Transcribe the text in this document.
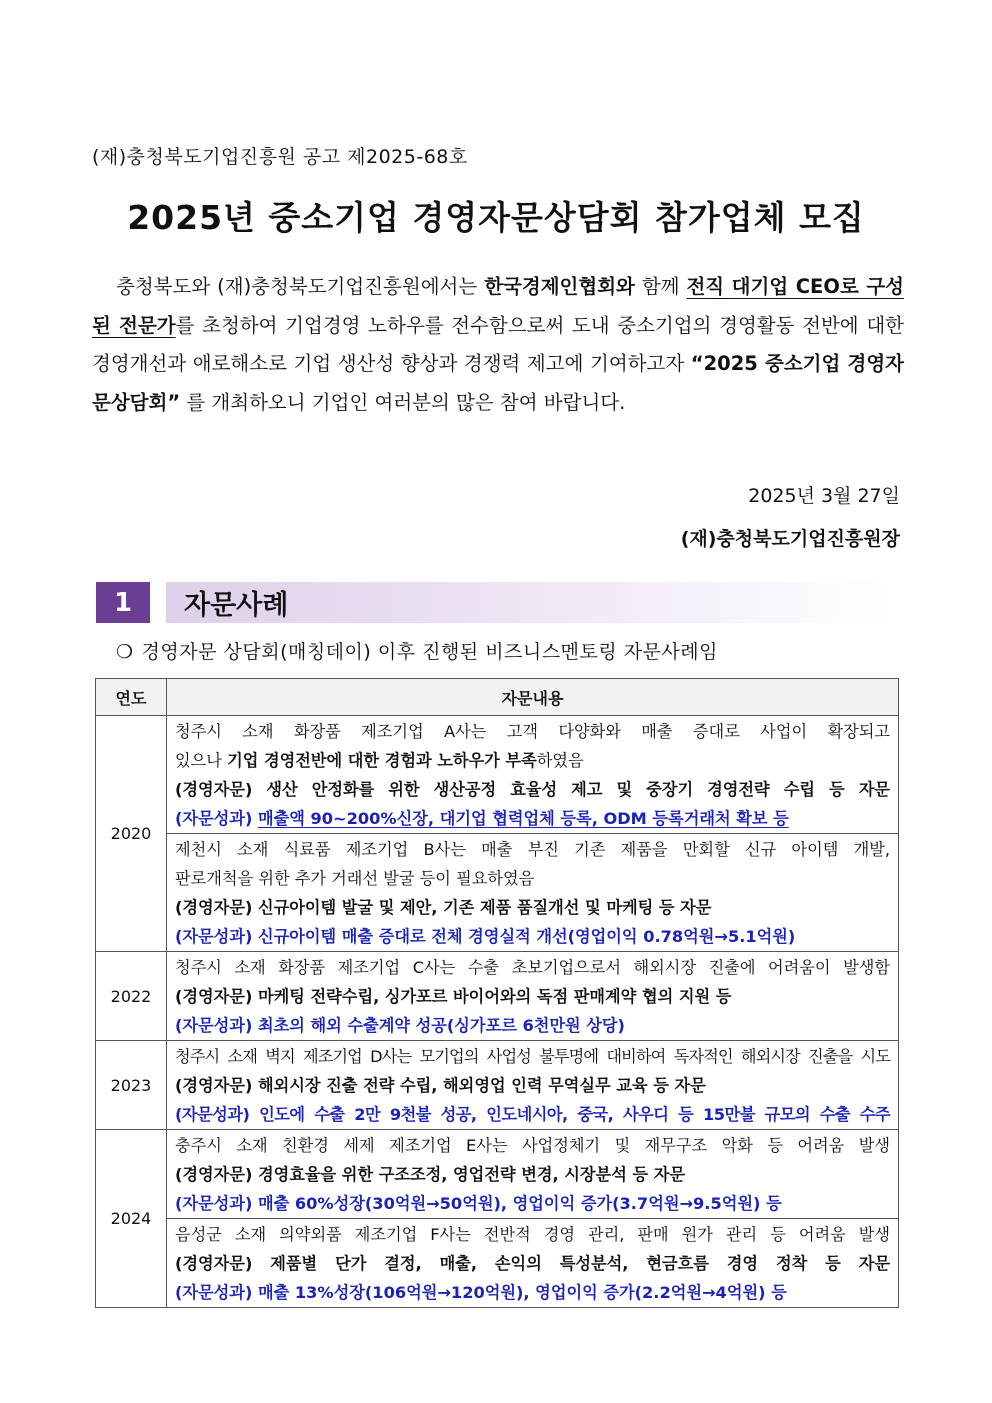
(재)충청북도기업진흥원 공고 제2025-68호
2025년 중소기업 경영자문상담회 참가업체 모집

충청북도와 (재)충청북도기업진흥원에서는 한국경제인협회와 함께 전직 대기업 CEO로 구성된 전문가를 초청하여 기업경영 노하우를 전수함으로써 도내 중소기업의 경영활동 전반에 대한 경영개선과 애로해소로 기업 생산성 향상과 경쟁력 제고에 기여하고자 “2025 중소기업 경영자문상담회” 를 개최하오니 기업인 여러분의 많은 참여 바랍니다.

2025년 3월 27일
(재)충청북도기업진흥원장
1	자문사례
❍ 경영자문 상담회(매칭데이) 이후 진행된 비즈니스멘토링 자문사례임
연도	자문내용
2020	청주시 소재 화장품 제조기업 A사는 고객 다양화와 매출 증대로 사업이 확장되고
있으나 기업 경영전반에 대한 경험과 노하우가 부족하였음
(경영자문) 생산 안정화를 위한 생산공정 효율성 제고 및 중장기 경영전략 수립 등 자문
(자문성과) 매출액 90~200%신장, 대기업 협력업체 등록, ODM 등록거래처 확보 등

	제천시 소재 식료품 제조기업 B사는 매출 부진 기존 제품을 만회할 신규 아이템 개발,
판로개척을 위한 추가 거래선 발굴 등이 필요하였음
(경영자문) 신규아이템 발굴 및 제안, 기존 제품 품질개선 및 마케팅 등 자문
(자문성과) 신규아이템 매출 증대로 전체 경영실적 개선(영업이익 0.78억원→5.1억원)

2022	청주시 소재 화장품 제조기업 C사는 수출 초보기업으로서 해외시장 진출에 어려움이 발생함
(경영자문) 마케팅 전략수립, 싱가포르 바이어와의 독점 판매계약 협의 지원 등
(자문성과) 최초의 해외 수출계약 성공(싱가포르 6천만원 상당)

2023	청주시 소재 벽지 제조기업 D사는 모기업의 사업성 불투명에 대비하여 독자적인 해외시장 진출을 시도
(경영자문) 해외시장 진출 전략 수립, 해외영업 인력 무역실무 교육 등 자문
(자문성과) 인도에 수출 2만 9천불 성공, 인도네시아, 중국, 사우디 등 15만불 규모의 수출 수주

2024	충주시 소재 친환경 세제 제조기업 E사는 사업정체기 및 재무구조 악화 등 어려움 발생
(경영자문) 경영효율을 위한 구조조정, 영업전략 변경, 시장분석 등 자문
(자문성과) 매출 60%성장(30억원→50억원), 영업이익 증가(3.7억원→9.5억원) 등

	음성군 소재 의약외품 제조기업 F사는 전반적 경영 관리, 판매 원가 관리 등 어려움 발생
(경영자문) 제품별 단가 결정, 매출, 손익의 특성분석, 현금흐름 경영 정착 등 자문
(자문성과) 매출 13%성장(106억원→120억원), 영업이익 증가(2.2억원→4억원) 등
